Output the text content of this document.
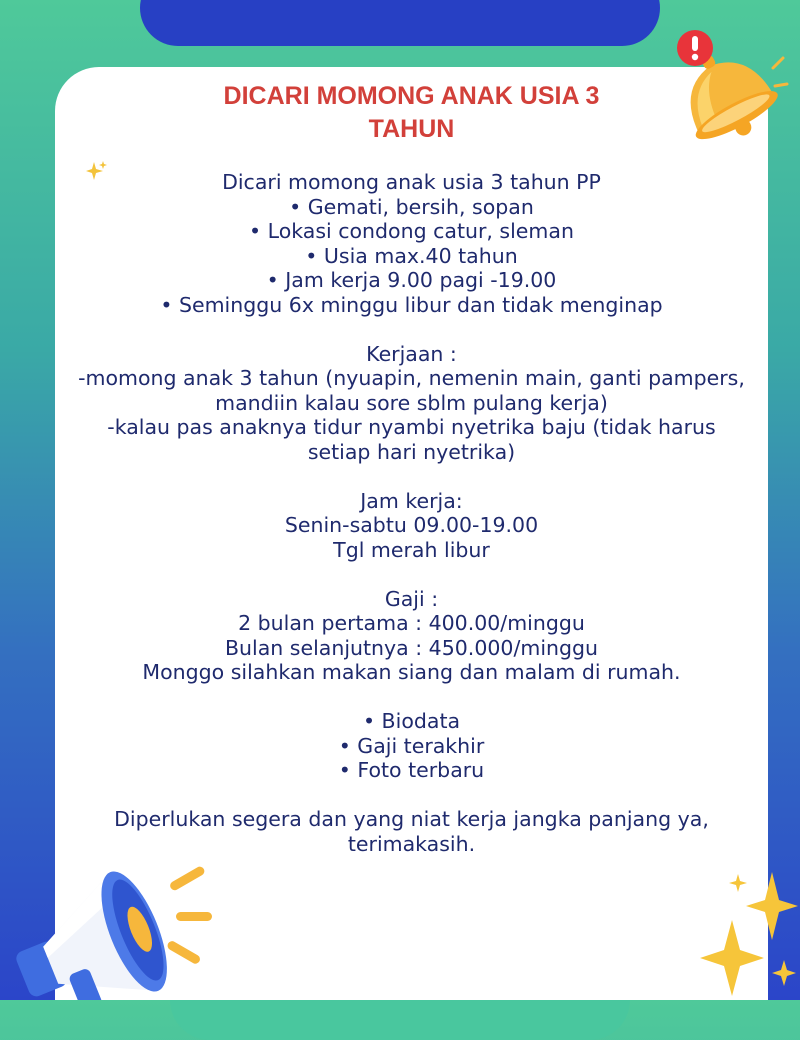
DICARI MOMONG ANAK USIA 3
TAHUN
Dicari momong anak usia 3 tahun PP
• Gemati, bersih, sopan
• Lokasi condong catur, sleman
• Usia max.40 tahun
• Jam kerja 9.00 pagi -19.00
• Seminggu 6x minggu libur dan tidak menginap
Kerjaan :
-momong anak 3 tahun (nyuapin, nemenin main, ganti pampers,
mandiin kalau sore sblm pulang kerja)
-kalau pas anaknya tidur nyambi nyetrika baju (tidak harus
setiap hari nyetrika)
Jam kerja:
Senin-sabtu 09.00-19.00
Tgl merah libur
Gaji :
2 bulan pertama : 400.00/minggu
Bulan selanjutnya : 450.000/minggu
Monggo silahkan makan siang dan malam di rumah.
• Biodata
• Gaji terakhir
• Foto terbaru
Diperlukan segera dan yang niat kerja jangka panjang ya,
terimakasih.
